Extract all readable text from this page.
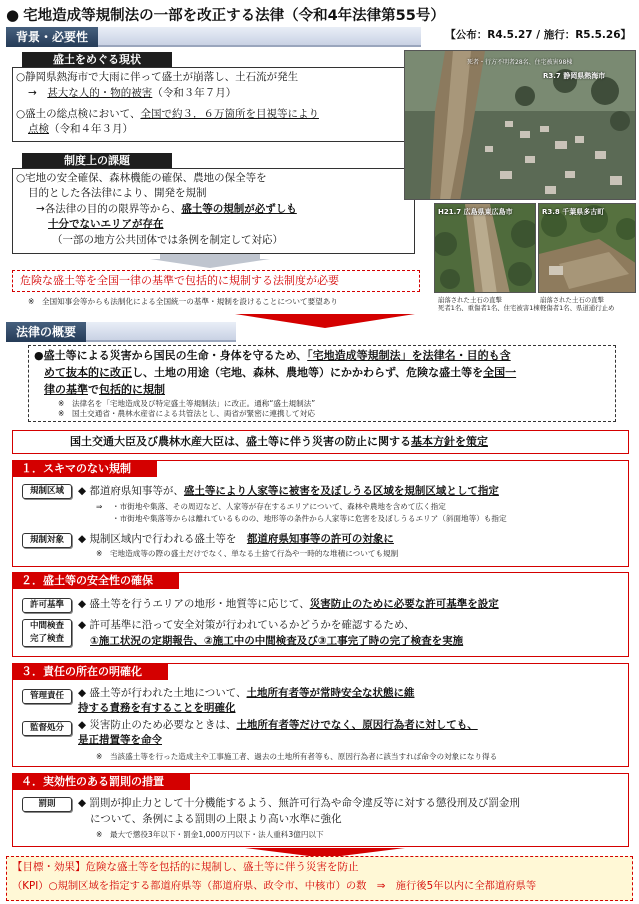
● 宅地造成等規制法の一部を改正する法律（令和4年法律第55号）
【公布：R4.5.27 / 施行：R5.5.26】
背景・必要性
盛土をめぐる現状
○静岡県熱海市で大雨に伴って盛土が崩落し、土石流が発生
→　 甚大な人的・物的被害（令和３年７月）
○盛土の総点検において、全国で約３．６万箇所を目視等により
点検（令和４年３月）
制度上の課題
○宅地の安全確保、森林機能の確保、農地の保全等を
目的とした各法律により、開発を規制
→各法律の目的の限界等から、盛土等の規制が必ずしも
十分でないエリアが存在
（一部の地方公共団体では条例を制定して対応）
危険な盛土等を全国一律の基準で包括的に規制する法制度が必要
※　全国知事会等からも法制化による全国統一の基準・規制を設けることについて要望あり
死者・行方不明者28名、住宅被害98棟
R3.7 静岡県熱海市
H21.7 広島県東広島市	R3.8 千葉県多古町
崩落された土石の直撃
死者1名、重傷者1名、住宅被害1棟
崩落された土石の直撃
軽傷者1名、県道通行止め
法律の概要
●盛土等による災害から国民の生命・身体を守るため、「宅地造成等規制法」を法律名・目的も含
めて抜本的に改正し、土地の用途（宅地、森林、農地等）にかかわらず、危険な盛土等を全国一
律の基準で包括的に規制
※　法律名を「宅地造成及び特定盛土等規制法」に改正。通称“盛土規制法”
※　国土交通省・農林水産省による共管法とし、両省が緊密に連携して対応
国土交通大臣及び農林水産大臣は、盛土等に伴う災害の防止に関する基本方針を策定
１．スキマのない規制
規制区域	◆ 都道府県知事等が、盛土等により人家等に被害を及ぼしうる区域を規制区域として指定
⇒ ・市街地や集落、その周辺など、人家等が存在するエリアについて、森林や農地を含めて広く指定
・市街地や集落等からは離れているものの、地形等の条件から人家等に危害を及ぼしうるエリア（斜面地等）も指定
規制対象	◆ 規制区域内で行われる盛土等を　 都道府県知事等の許可の対象に
※　宅地造成等の際の盛土だけでなく、単なる土捨て行為や一時的な堆積についても規制
２．盛土等の安全性の確保
許可基準	◆ 盛土等を行うエリアの地形・地質等に応じて、災害防止のために必要な許可基準を設定
中間検査
完了検査
◆ 許可基準に沿って安全対策が行われているかどうかを確認するため、
①施工状況の定期報告、②施工中の中間検査及び③工事完了時の完了検査を実施
３．責任の所在の明確化
管理責任	◆ 盛土等が行われた土地について、土地所有者等が常時安全な状態に維持する責務を有することを明確化
監督処分	◆ 災害防止のため必要なときは、土地所有者等だけでなく、原因行為者に対しても、是正措置等を命令
※　当該盛土等を行った造成主や工事施工者、過去の土地所有者等も、原因行為者に該当すれば命令の対象になり得る
４．実効性のある罰則の措置
罰則	◆ 罰則が抑止力として十分機能するよう、無許可行為や命令違反等に対する懲役刑及び罰金刑
について、条例による罰則の上限より高い水準に強化
※　最大で懲役3年以下・罰金1,000万円以下・法人重科3億円以下
【目標・効果】危険な盛土等を包括的に規制し、盛土等に伴う災害を防止
（KPI）○規制区域を指定する都道府県等（都道府県、政令市、中核市）の数　⇒　施行後5年以内に全都道府県等
